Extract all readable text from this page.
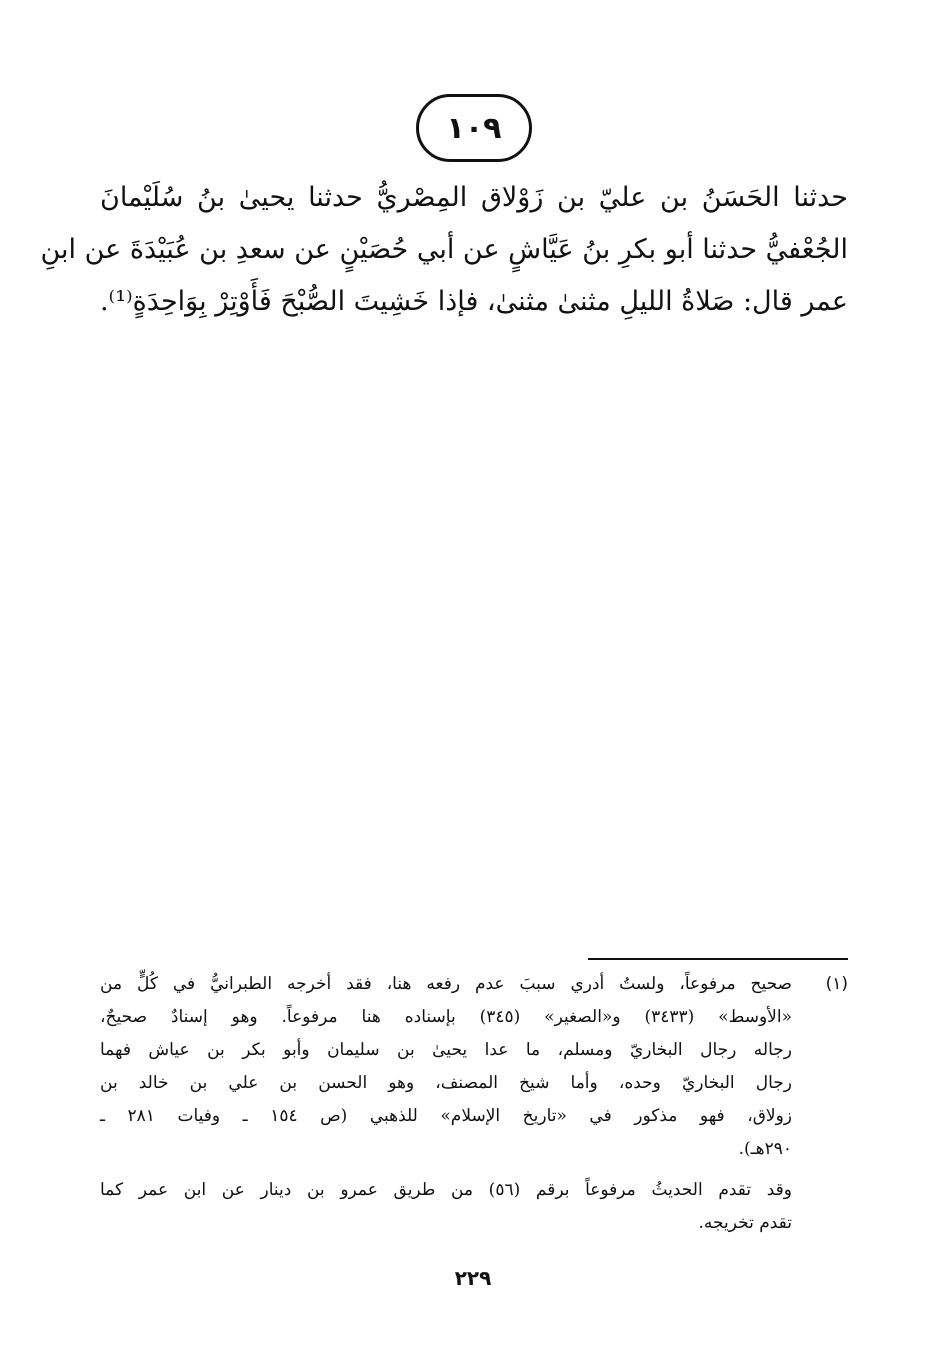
١٠٩
حدثنا الحَسَنُ بن عليّ بن زَوْلاق المِصْريُّ حدثنا يحيىٰ بنُ سُلَيْمانَ
الجُعْفيُّ حدثنا أبو بكرِ بنُ عَيَّاشٍ عن أبي حُصَيْنٍ عن سعدِ بن عُبَيْدَةَ عن ابنِ
عمر قال: صَلاةُ الليلِ مثنىٰ مثنىٰ، فإذا خَشِيتَ الصُّبْحَ فَأَوْتِرْ بِوَاحِدَةٍ⁽¹⁾.
(١)
صحيح مرفوعاً، ولستُ أدري سببَ عدم رفعه هنا، فقد أخرجه الطبرانيُّ في كُلٍّ من
«الأوسط» (٣٤٣٣) و«الصغير» (٣٤٥) بإسناده هنا مرفوعاً. وهو إسنادٌ صحيحٌ،
رجاله رجال البخاريّ ومسلم، ما عدا يحيىٰ بن سليمان وأبو بكر بن عياش فهما
رجال البخاريّ وحده، وأما شيخ المصنف، وهو الحسن بن علي بن خالد بن
زولاق، فهو مذكور في «تاريخ الإسلام» للذهبي (ص ١٥٤ ـ وفيات ٢٨١ ـ
٢٩٠هـ).
وقد تقدم الحديثُ مرفوعاً برقم (٥٦) من طريق عمرو بن دينار عن ابن عمر كما
تقدم تخريجه.
٢٢٩
